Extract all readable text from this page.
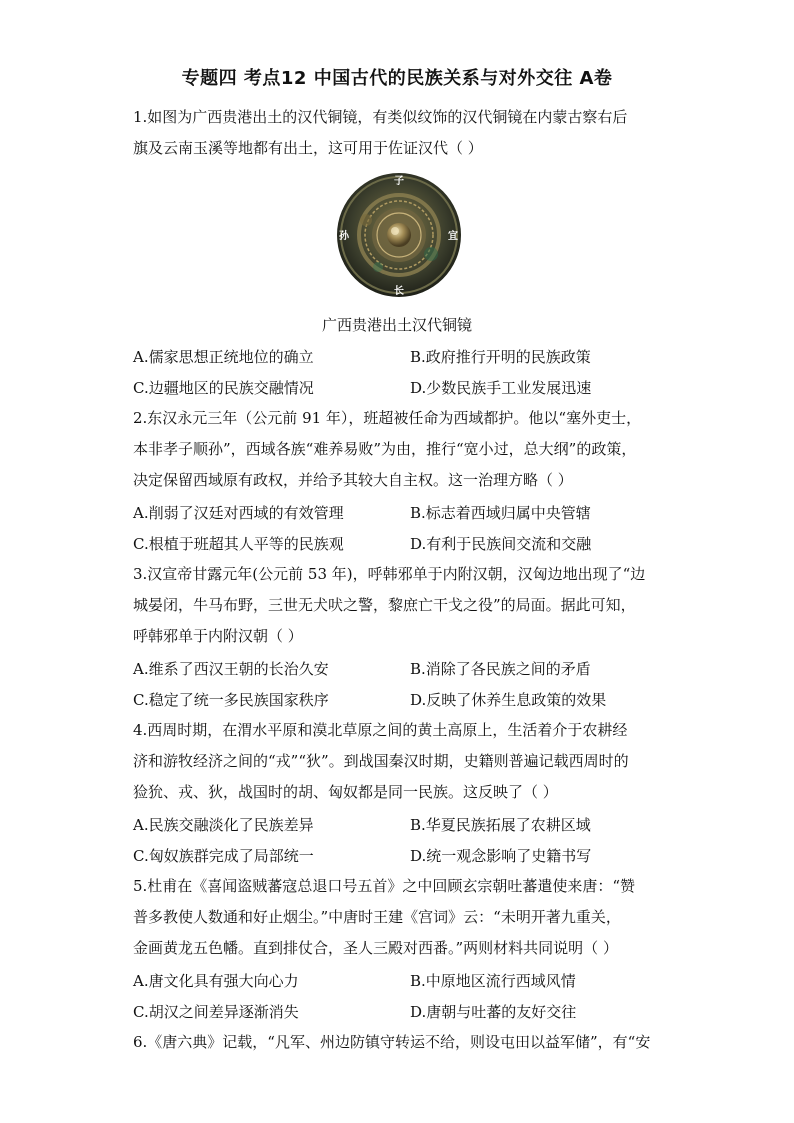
专题四 考点12 中国古代的民族关系与对外交往 A卷
1.如图为广西贵港出土的汉代铜镜，有类似纹饰的汉代铜镜在内蒙古察右后
旗及云南玉溪等地都有出土，这可用于佐证汉代（ ）
子
孙	宜
长
广西贵港出土汉代铜镜
A.儒家思想正统地位的确立	B.政府推行开明的民族政策
C.边疆地区的民族交融情况	D.少数民族手工业发展迅速
2.东汉永元三年（公元前 91 年），班超被任命为西域都护。他以“塞外吏士，
本非孝子顺孙”，西域各族“难养易败”为由，推行“宽小过，总大纲”的政策，
决定保留西域原有政权，并给予其较大自主权。这一治理方略（ ）
A.削弱了汉廷对西域的有效管理	B.标志着西域归属中央管辖
C.根植于班超其人平等的民族观	D.有利于民族间交流和交融
3.汉宣帝甘露元年(公元前 53 年)，呼韩邪单于内附汉朝，汉匈边地出现了“边
城晏闭，牛马布野，三世无犬吠之警，黎庶亡干戈之役”的局面。据此可知，
呼韩邪单于内附汉朝（ ）
A.维系了西汉王朝的长治久安	B.消除了各民族之间的矛盾
C.稳定了统一多民族国家秩序	D.反映了休养生息政策的效果
4.西周时期，在渭水平原和漠北草原之间的黄土高原上，生活着介于农耕经
济和游牧经济之间的“戎”“狄”。到战国秦汉时期，史籍则普遍记载西周时的
猃狁、戎、狄，战国时的胡、匈奴都是同一民族。这反映了（ ）
A.民族交融淡化了民族差异	B.华夏民族拓展了农耕区域
C.匈奴族群完成了局部统一	D.统一观念影响了史籍书写
5.杜甫在《喜闻盗贼蕃寇总退口号五首》之中回顾玄宗朝吐蕃遣使来唐：“赞
普多教使人数通和好止烟尘。”中唐时王建《宫词》云：“未明开著九重关，
金画黄龙五色幡。直到排仗合，圣人三殿对西番。”两则材料共同说明（ ）
A.唐文化具有强大向心力	B.中原地区流行西域风情
C.胡汉之间差异逐渐消失	D.唐朝与吐蕃的友好交往
6.《唐六典》记载，“凡军、州边防镇守转运不给，则设屯田以益军储”，有“安
